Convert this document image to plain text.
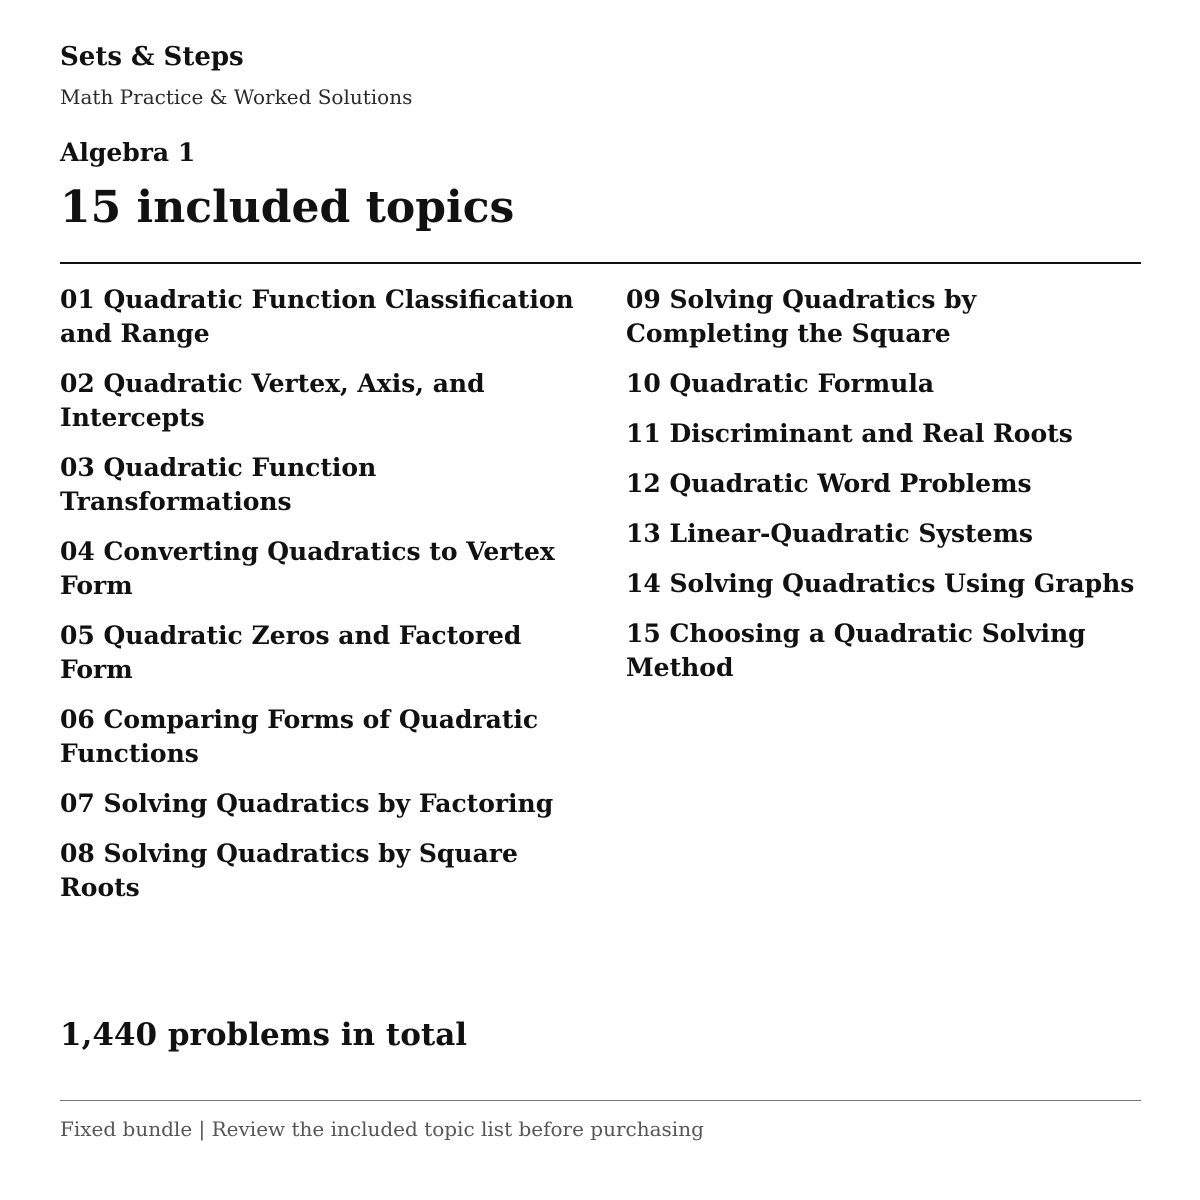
Sets & Steps
Math Practice & Worked Solutions
Algebra 1
15 included topics
01 Quadratic Function Classification and Range
02 Quadratic Vertex, Axis, and Intercepts
03 Quadratic Function Transformations
04 Converting Quadratics to Vertex Form
05 Quadratic Zeros and Factored Form
06 Comparing Forms of Quadratic Functions
07 Solving Quadratics by Factoring
08 Solving Quadratics by Square Roots
09 Solving Quadratics by Completing the Square
10 Quadratic Formula
11 Discriminant and Real Roots
12 Quadratic Word Problems
13 Linear-Quadratic Systems
14 Solving Quadratics Using Graphs
15 Choosing a Quadratic Solving Method
1,440 problems in total
Fixed bundle | Review the included topic list before purchasing
